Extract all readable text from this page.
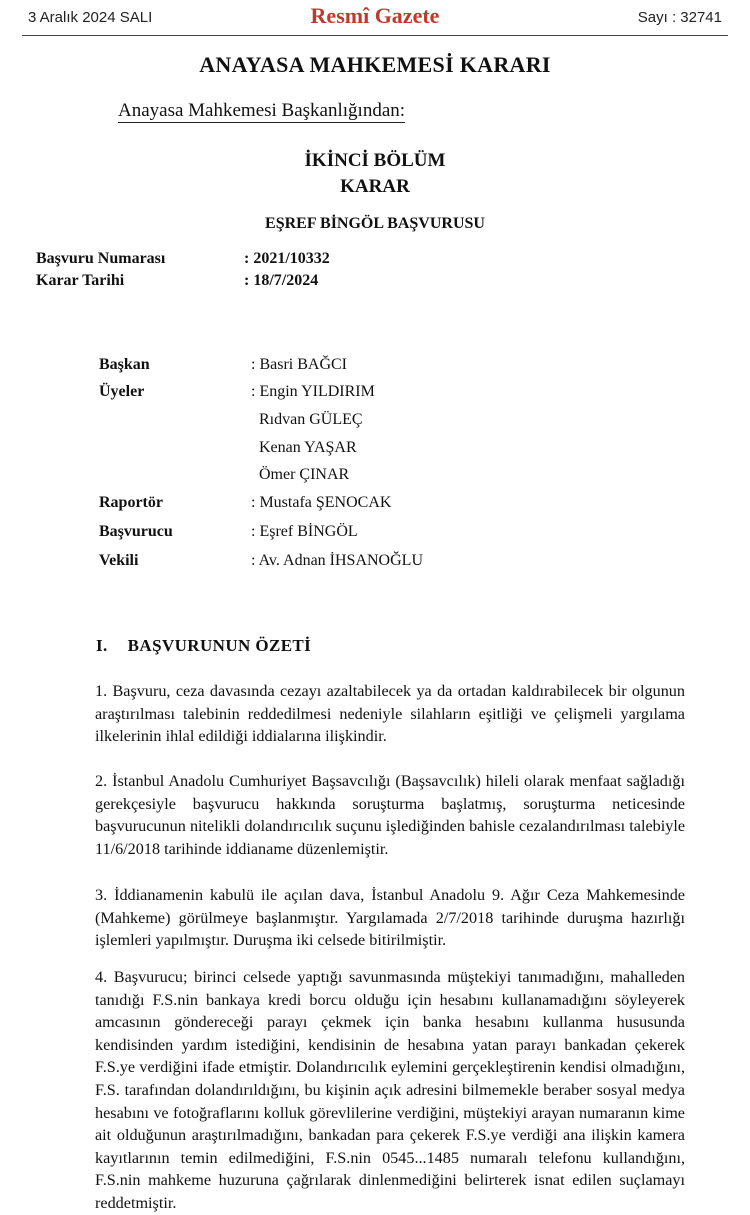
3 Aralık 2024 SALI	Resmî Gazete	Sayı : 32741
ANAYASA MAHKEMESİ KARARI
Anayasa Mahkemesi Başkanlığından:
İKİNCİ BÖLÜM
KARAR
EŞREF BİNGÖL BAŞVURUSU
Başvuru Numarası	: 2021/10332
Karar Tarihi	: 18/7/2024
Başkan	: Basri BAĞCI
Üyeler	: Engin YILDIRIM
Rıdvan GÜLEÇ
Kenan YAŞAR
Ömer ÇINAR
Raportör	: Mustafa ŞENOCAK
Başvurucu	: Eşref BİNGÖL
Vekili	: Av. Adnan İHSANOĞLU
I. BAŞVURUNUN ÖZETİ

1. Başvuru, ceza davasında cezayı azaltabilecek ya da ortadan kaldırabilecek bir olgunun araştırılması talebinin reddedilmesi nedeniyle silahların eşitliği ve çelişmeli yargılama ilkelerinin ihlal edildiği iddialarına ilişkindir.

2. İstanbul Anadolu Cumhuriyet Başsavcılığı (Başsavcılık) hileli olarak menfaat sağladığı gerekçesiyle başvurucu hakkında soruşturma başlatmış, soruşturma neticesinde başvurucunun nitelikli dolandırıcılık suçunu işlediğinden bahisle cezalandırılması talebiyle 11/6/2018 tarihinde iddianame düzenlemiştir.

3. İddianamenin kabulü ile açılan dava, İstanbul Anadolu 9. Ağır Ceza Mahkemesinde (Mahkeme) görülmeye başlanmıştır. Yargılamada 2/7/2018 tarihinde duruşma hazırlığı işlemleri yapılmıştır. Duruşma iki celsede bitirilmiştir.

4. Başvurucu; birinci celsede yaptığı savunmasında müştekiyi tanımadığını, mahalleden tanıdığı F.S.nin bankaya kredi borcu olduğu için hesabını kullanamadığını söyleyerek amcasının göndereceği parayı çekmek için banka hesabını kullanma hususunda kendisinden yardım istediğini, kendisinin de hesabına yatan parayı bankadan çekerek F.S.ye verdiğini ifade etmiştir. Dolandırıcılık eylemini gerçekleştirenin kendisi olmadığını, F.S. tarafından dolandırıldığını, bu kişinin açık adresini bilmemekle beraber sosyal medya hesabını ve fotoğraflarını kolluk görevlilerine verdiğini, müştekiyi arayan numaranın kime ait olduğunun araştırılmadığını, bankadan para çekerek F.S.ye verdiği ana ilişkin kamera kayıtlarının temin edilmediğini, F.S.nin 0545...1485 numaralı telefonu kullandığını, F.S.nin mahkeme huzuruna çağrılarak dinlenmediğini belirterek isnat edilen suçlamayı reddetmiştir.
